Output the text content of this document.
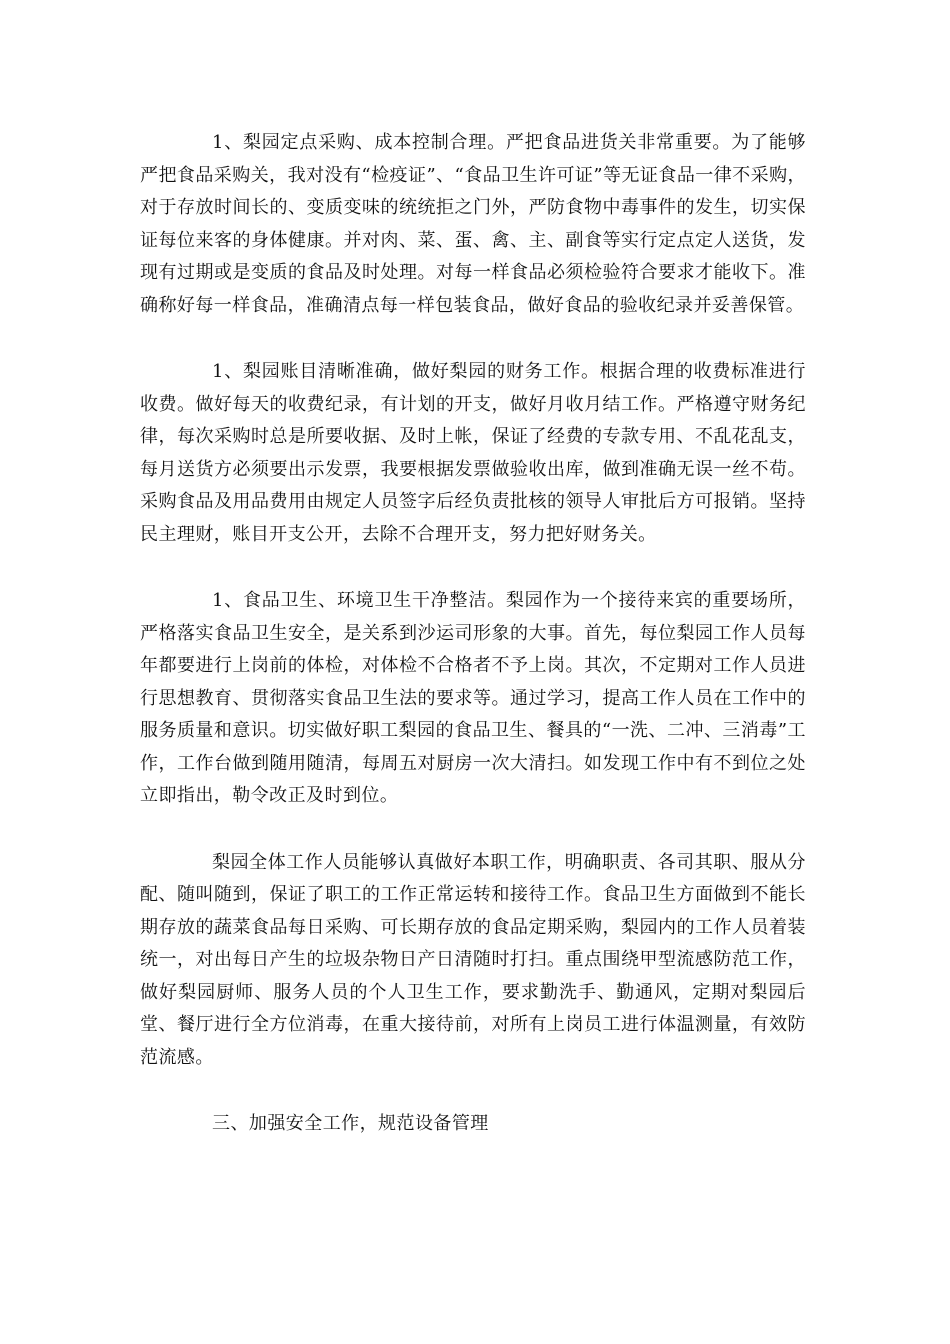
1、梨园定点采购、成本控制合理。严把食品进货关非常重要。为了能够严把食品采购关，我对没有“检疫证”、“食品卫生许可证”等无证食品一律不采购，对于存放时间长的、变质变味的统统拒之门外，严防食物中毒事件的发生，切实保证每位来客的身体健康。并对肉、菜、蛋、禽、主、副食等实行定点定人送货，发现有过期或是变质的食品及时处理。对每一样食品必须检验符合要求才能收下。准确称好每一样食品，准确清点每一样包装食品，做好食品的验收纪录并妥善保管。

1、梨园账目清晰准确，做好梨园的财务工作。根据合理的收费标准进行收费。做好每天的收费纪录，有计划的开支，做好月收月结工作。严格遵守财务纪律，每次采购时总是所要收据、及时上帐，保证了经费的专款专用、不乱花乱支，每月送货方必须要出示发票，我要根据发票做验收出库，做到准确无误一丝不苟。采购食品及用品费用由规定人员签字后经负责批核的领导人审批后方可报销。坚持民主理财，账目开支公开，去除不合理开支，努力把好财务关。

1、食品卫生、环境卫生干净整洁。梨园作为一个接待来宾的重要场所，严格落实食品卫生安全，是关系到沙运司形象的大事。首先，每位梨园工作人员每年都要进行上岗前的体检，对体检不合格者不予上岗。其次，不定期对工作人员进行思想教育、贯彻落实食品卫生法的要求等。通过学习，提高工作人员在工作中的服务质量和意识。切实做好职工梨园的食品卫生、餐具的“一洗、二冲、三消毒”工作，工作台做到随用随清，每周五对厨房一次大清扫。如发现工作中有不到位之处立即指出，勒令改正及时到位。

梨园全体工作人员能够认真做好本职工作，明确职责、各司其职、服从分配、随叫随到，保证了职工的工作正常运转和接待工作。食品卫生方面做到不能长期存放的蔬菜食品每日采购、可长期存放的食品定期采购，梨园内的工作人员着装统一，对出每日产生的垃圾杂物日产日清随时打扫。重点围绕甲型流感防范工作，做好梨园厨师、服务人员的个人卫生工作，要求勤洗手、勤通风，定期对梨园后堂、餐厅进行全方位消毒，在重大接待前，对所有上岗员工进行体温测量，有效防范流感。

三、加强安全工作，规范设备管理
